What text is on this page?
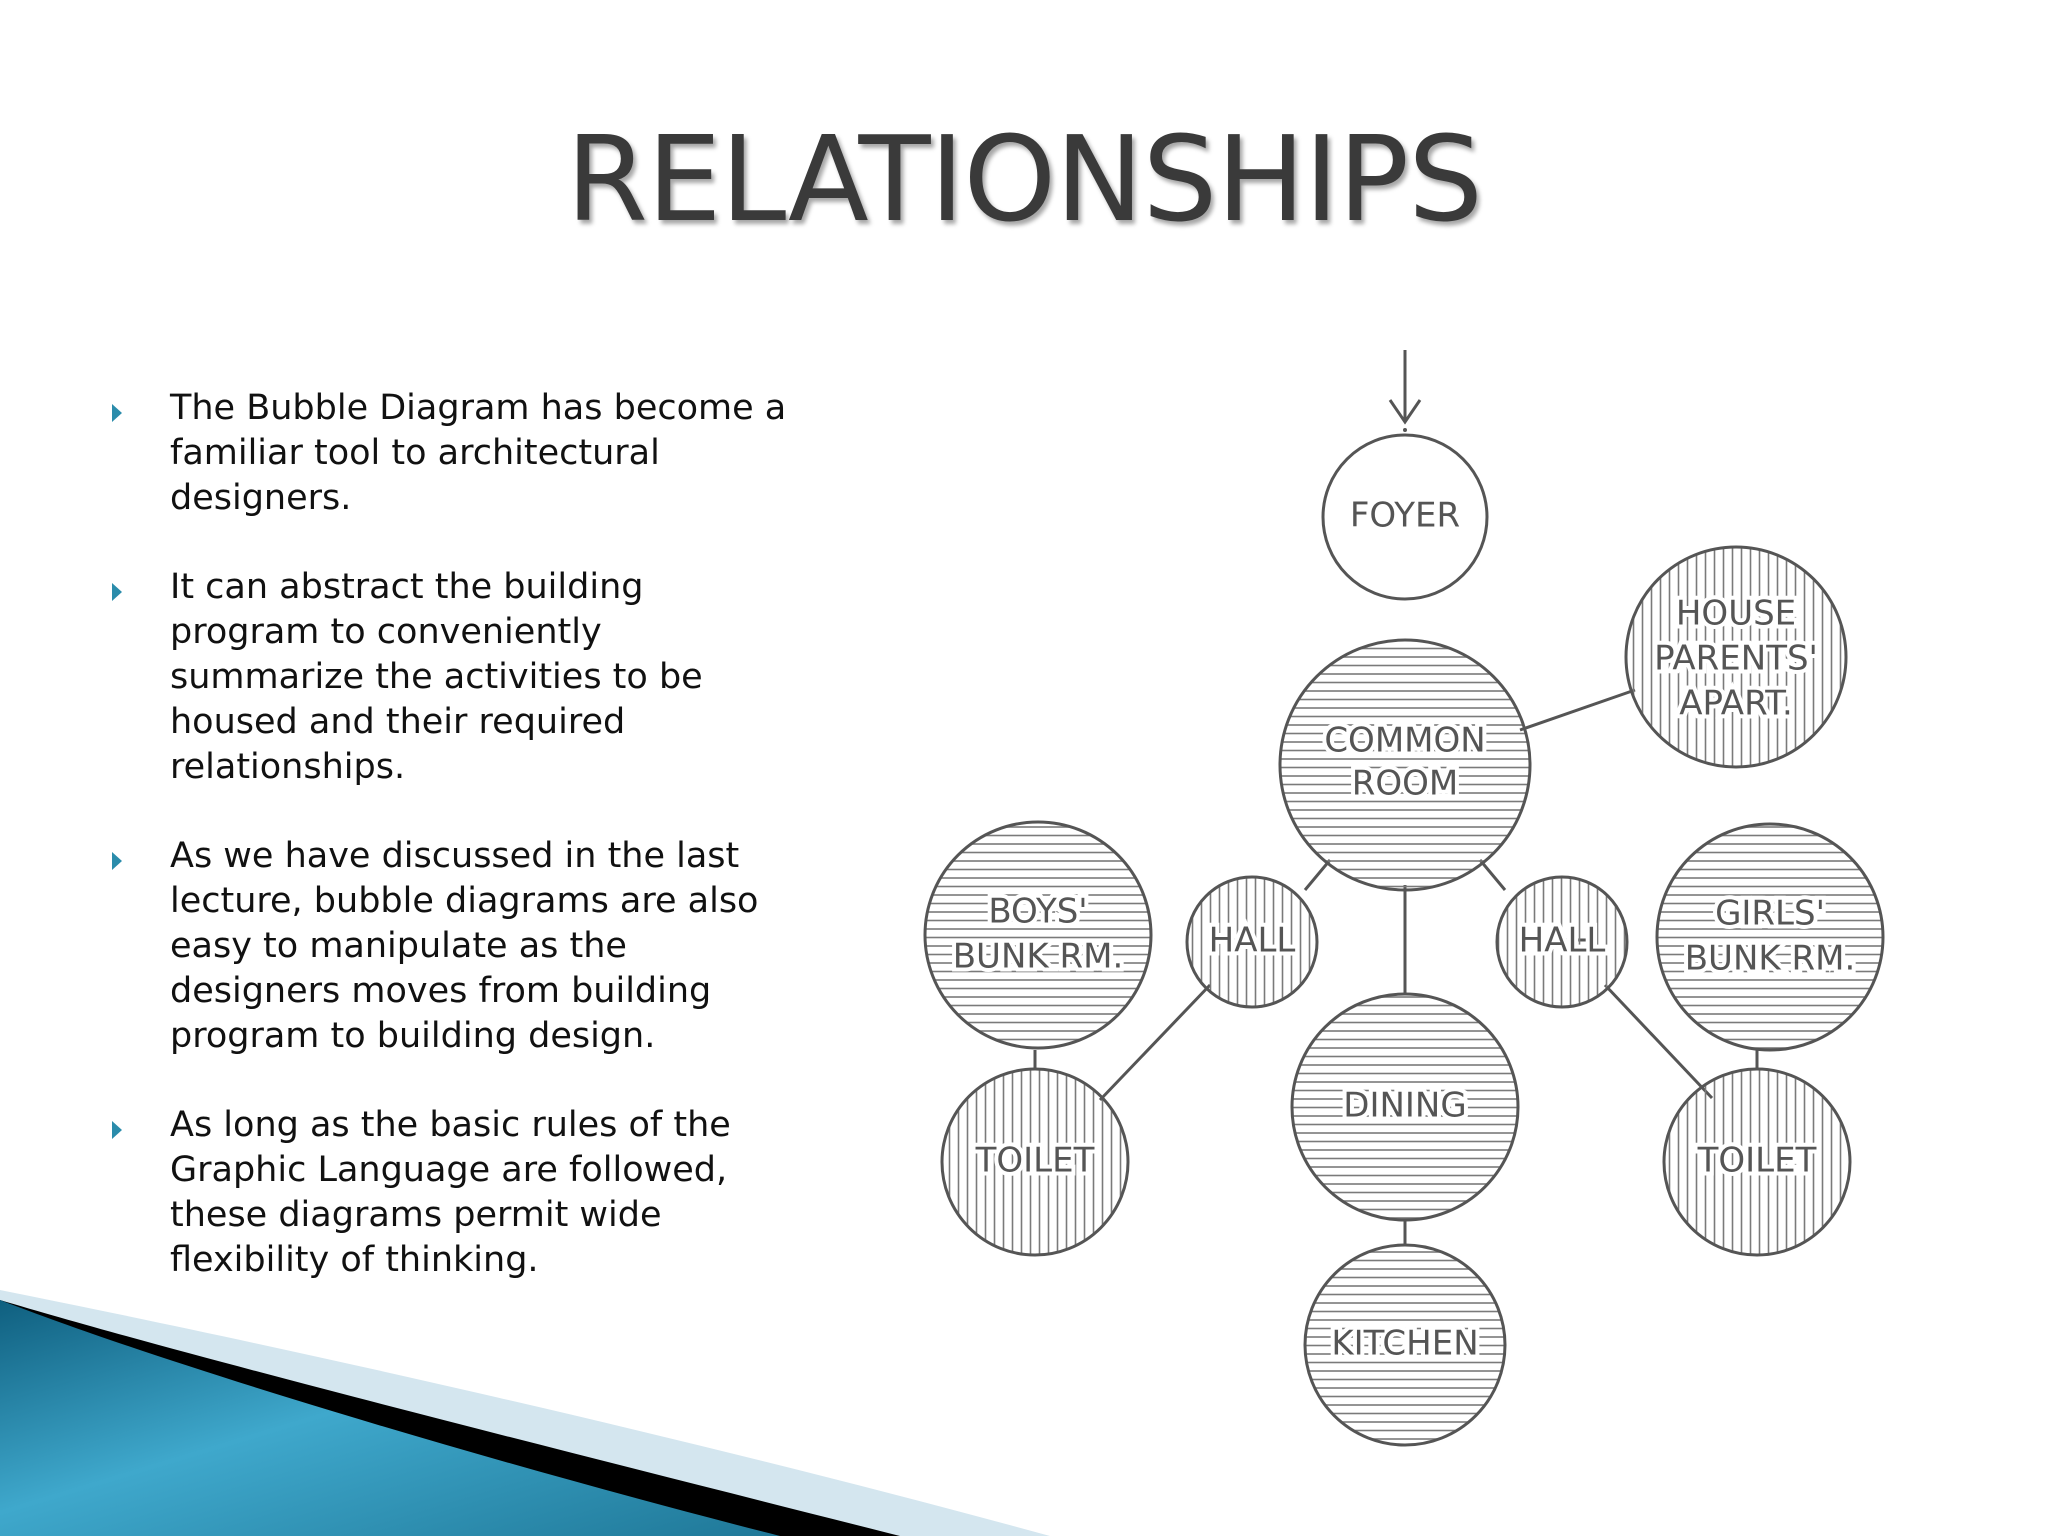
RELATIONSHIPS
The Bubble Diagram has become a familiar tool to architectural designers.
It can abstract the building program to conveniently summarize the activities to be housed and their required relationships.
As we have discussed in the last lecture, bubble diagrams are also easy to manipulate as the designers moves from building program to building design.
As long as the basic rules of the Graphic Language are followed, these diagrams permit wide flexibility of thinking.
FOYER
COMMON
ROOM
HOUSE
PARENTS'
APART.
BOYS'
BUNK RM.	HALL	HALL
GIRLS'
BUNK RM.
TOILET
DINING
TOILET
KITCHEN
